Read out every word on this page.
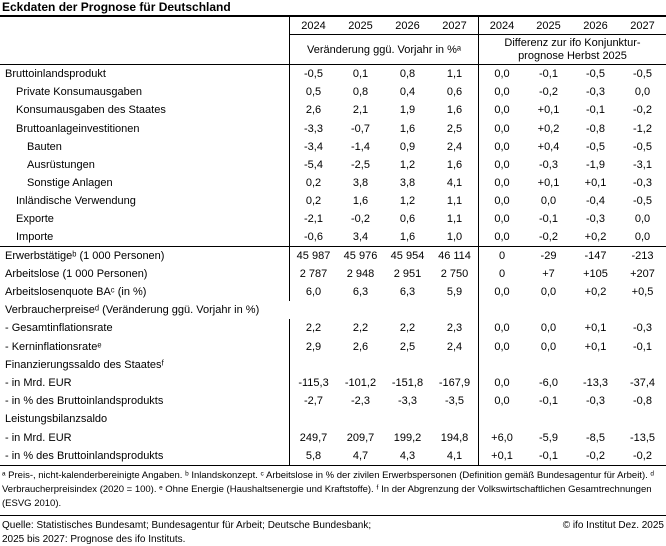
Eckdaten der Prognose für Deutschland
2024	2025	2026	2027	2024	2025	2026	2027
Veränderung ggü. Vorjahr in %ᵃ
Differenz zur ifo Konjunktur-
prognose Herbst 2025
Bruttoinlandsprodukt	-0,5	0,1	0,8	1,1	0,0	-0,1	-0,5	-0,5
Private Konsumausgaben	0,5	0,8	0,4	0,6	0,0	-0,2	-0,3	0,0
Konsumausgaben des Staates	2,6	2,1	1,9	1,6	0,0	+0,1	-0,1	-0,2
Bruttoanlageinvestitionen	-3,3	-0,7	1,6	2,5	0,0	+0,2	-0,8	-1,2
Bauten	-3,4	-1,4	0,9	2,4	0,0	+0,4	-0,5	-0,5
Ausrüstungen	-5,4	-2,5	1,2	1,6	0,0	-0,3	-1,9	-3,1
Sonstige Anlagen	0,2	3,8	3,8	4,1	0,0	+0,1	+0,1	-0,3
Inländische Verwendung	0,2	1,6	1,2	1,1	0,0	0,0	-0,4	-0,5
Exporte	-2,1	-0,2	0,6	1,1	0,0	-0,1	-0,3	0,0
Importe	-0,6	3,4	1,6	1,0	0,0	-0,2	+0,2	0,0
Erwerbstätigeᵇ (1 000 Personen)	45 987	45 976	45 954	46 114	0	-29	-147	-213
Arbeitslose (1 000 Personen)	2 787	2 948	2 951	2 750	0	+7	+105	+207
Arbeitslosenquote BAᶜ (in %)	6,0	6,3	6,3	5,9	0,0	0,0	+0,2	+0,5
Verbraucherpreiseᵈ (Veränderung ggü. Vorjahr in %)
- Gesamtinflationsrate	2,2	2,2	2,2	2,3	0,0	0,0	+0,1	-0,3
- Kerninflationsrateᵉ	2,9	2,6	2,5	2,4	0,0	0,0	+0,1	-0,1
Finanzierungssaldo des Staatesᶠ
- in Mrd. EUR	-115,3	-101,2	-151,8	-167,9	0,0	-6,0	-13,3	-37,4
- in % des Bruttoinlandsprodukts	-2,7	-2,3	-3,3	-3,5	0,0	-0,1	-0,3	-0,8
Leistungsbilanzsaldo
- in Mrd. EUR	249,7	209,7	199,2	194,8	+6,0	-5,9	-8,5	-13,5
- in % des Bruttoinlandsprodukts	5,8	4,7	4,3	4,1	+0,1	-0,1	-0,2	-0,2
ᵃ Preis-, nicht-kalenderbereinigte Angaben. ᵇ Inlandskonzept. ᶜ Arbeitslose in % der zivilen Erwerbspersonen (Definition gemäß Bundesagentur für Arbeit). ᵈ Verbraucherpreisindex (2020 = 100). ᵉ Ohne Energie (Haushaltsenergie und Kraftstoffe). ᶠ In der Abgrenzung der Volkswirtschaftlichen Gesamtrechnungen (ESVG 2010).
Quelle: Statistisches Bundesamt; Bundesagentur für Arbeit; Deutsche Bundesbank;	© ifo Institut Dez. 2025
2025 bis 2027: Prognose des ifo Instituts.
